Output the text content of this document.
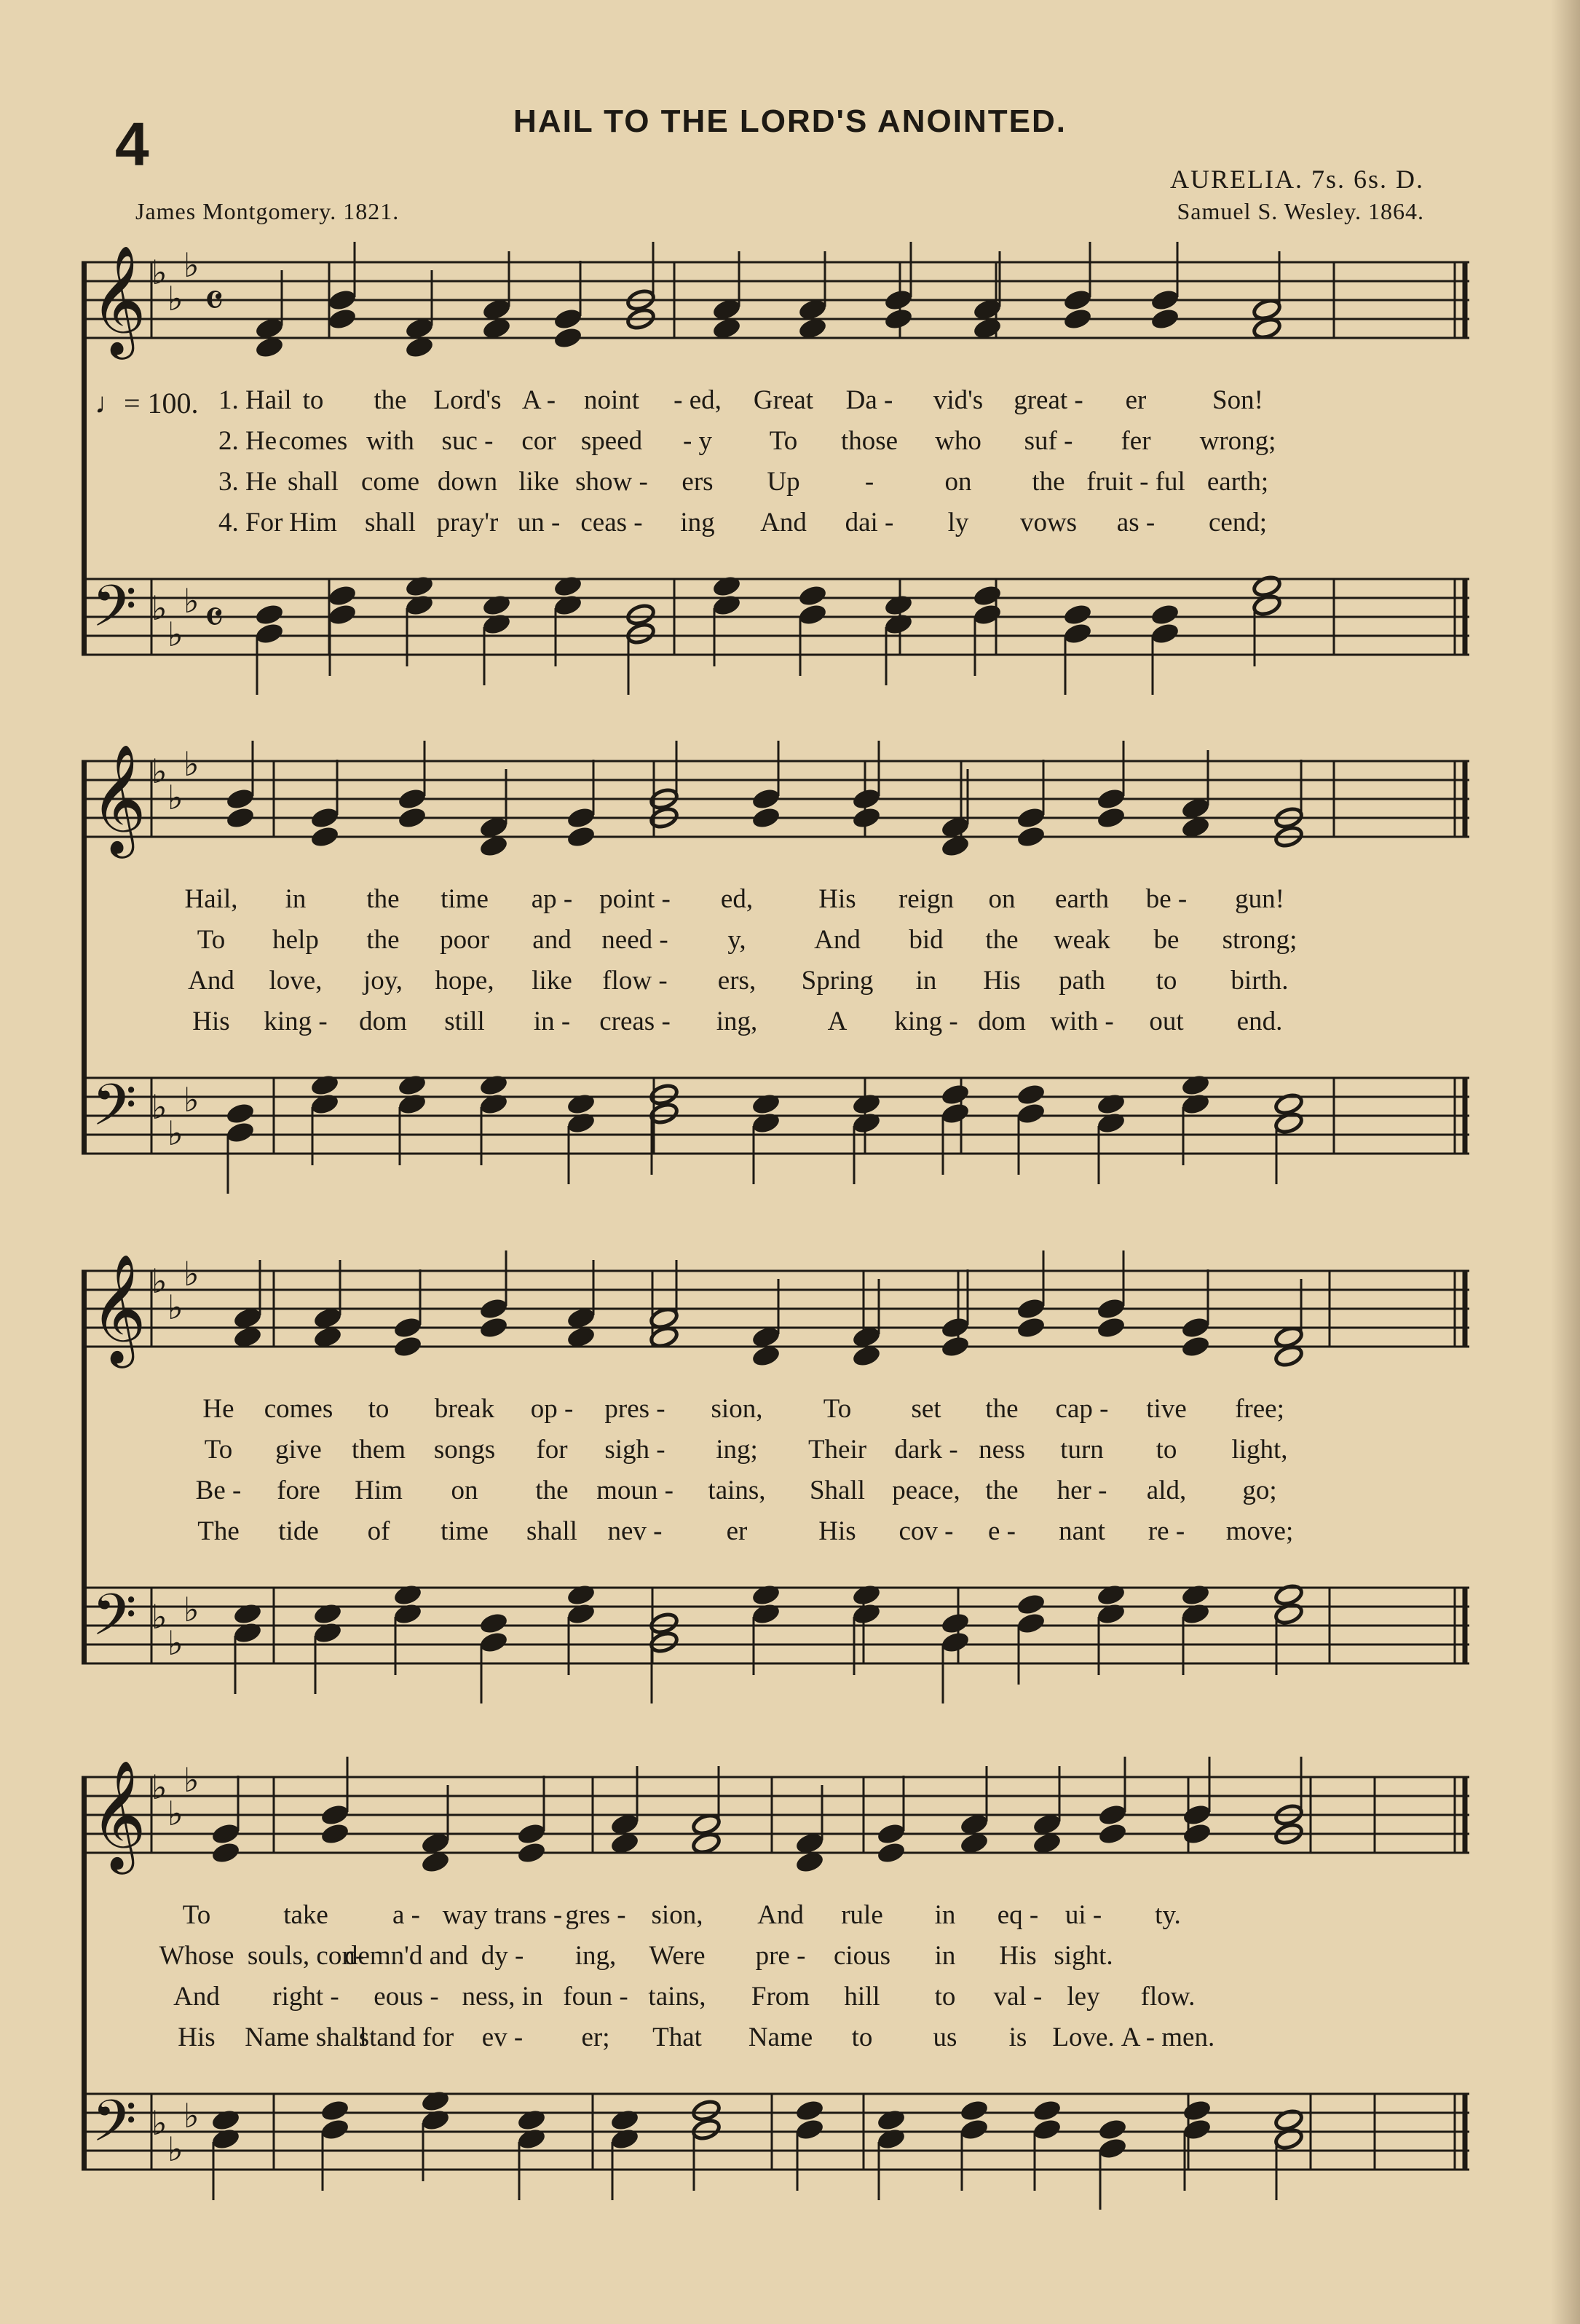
4	HAIL TO THE LORD'S ANOINTED.
AURELIA. 7s. 6s. D.
James Montgomery. 1821.	Samuel S. Wesley. 1864.
♩= 100.
𝄞
𝄢
♭
♭
♭
♭
♭
♭
𝄴
𝄴
𝄞
𝄢
♭
♭
♭
♭
♭
♭
𝄞
𝄢
♭
♭
♭
♭
♭
♭
𝄞
𝄢
♭
♭
♭
♭
♭
♭
1. Hail to the Lord's A - noint - ed, Great Da - vid's great - er Son!
2. He comes with suc - cor speed - y To those who suf - fer wrong;
3. He shall come down like show - ers Up -	on the fruit - ful earth;
4. For Him shall pray'r un - ceas - ing And dai - ly vows as - cend;
Hail, in the time ap - point - ed, His reign on earth be - gun!
To help the poor and need - y,	And bid the weak be strong;
And love, joy, hope, like flow - ers, Spring in His path to birth.
His king - dom still in - creas - ing,	A king - dom with - out end.
He comes to break op - pres - sion, To set the cap - tive free;
To give them songs for sigh - ing; Their dark - ness turn to light,
Be - fore Him on the moun - tains, Shall peace, the her - ald, go;
The tide of time shall nev - er	His cov - e - nant re - move;
To	take a - way trans - gres - sion, And rule in eq - ui - ty.
Whose souls, con-
demn'd and dy - ing, Were pre - cious in His sight.
And right - eous - ness, in foun - tains, From hill to val - ley flow.
His Name shall
stand for ev - er; That Name to us is Love. A - men.
